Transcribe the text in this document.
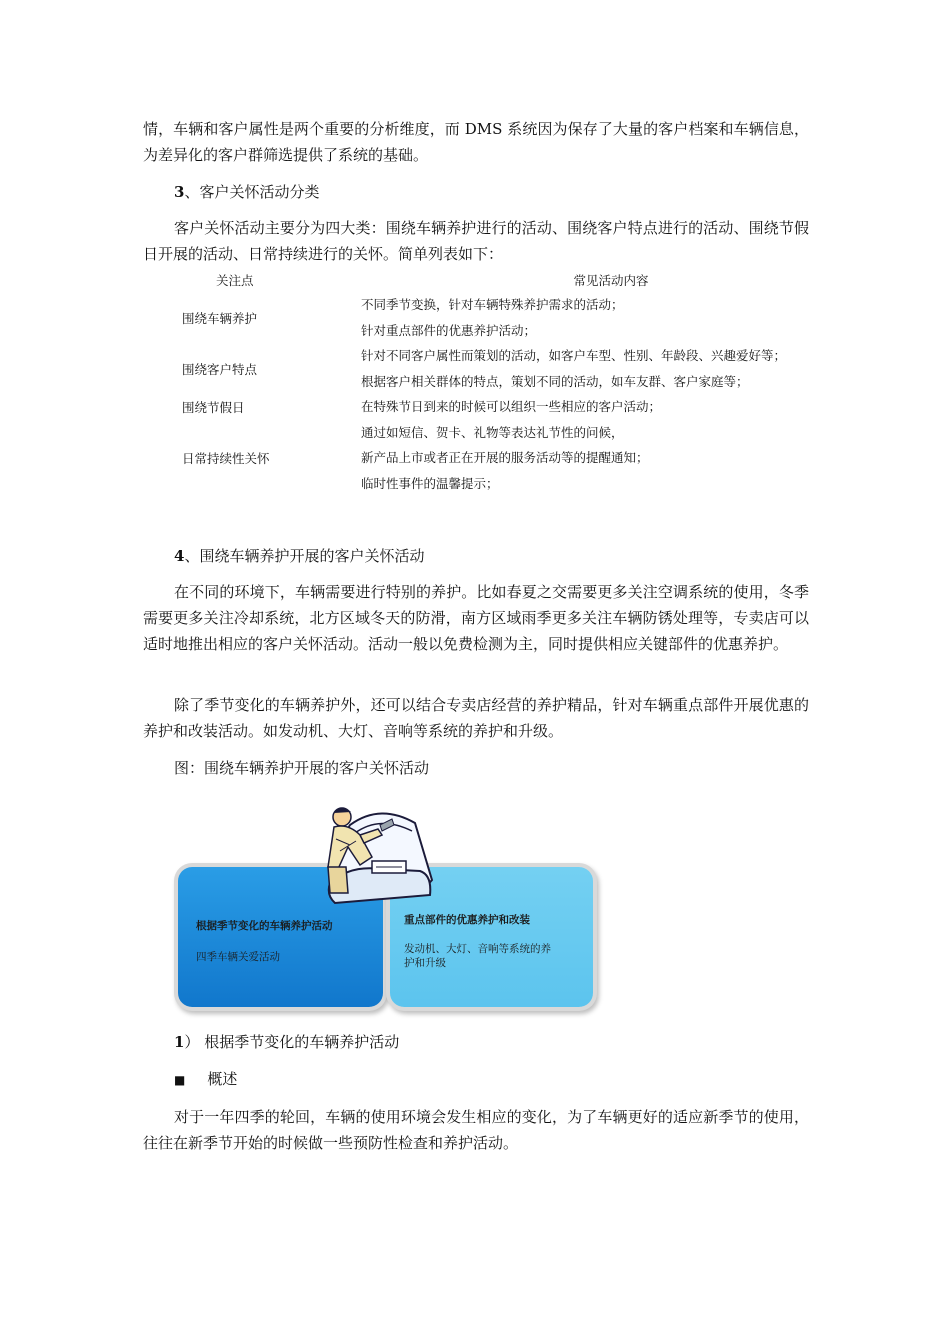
情，车辆和客户属性是两个重要的分析维度，而 DMS 系统因为保存了大量的客户档案和车辆信息，为差异化的客户群筛选提供了系统的基础。
3、客户关怀活动分类
客户关怀活动主要分为四大类：围绕车辆养护进行的活动、围绕客户特点进行的活动、围绕节假日开展的活动、日常持续进行的关怀。简单列表如下：
关注点	常见活动内容
围绕车辆养护	不同季节变换，针对车辆特殊养护需求的活动；
针对重点部件的优惠养护活动；

围绕客户特点	针对不同客户属性而策划的活动，如客户车型、性别、年龄段、兴趣爱好等；
根据客户相关群体的特点，策划不同的活动，如车友群、客户家庭等；

围绕节假日	在特殊节日到来的时候可以组织一些相应的客户活动；

日常持续性关怀	通过如短信、贺卡、礼物等表达礼节性的问候，
新产品上市或者正在开展的服务活动等的提醒通知；
临时性事件的温馨提示；
4、围绕车辆养护开展的客户关怀活动
在不同的环境下，车辆需要进行特别的养护。比如春夏之交需要更多关注空调系统的使用，冬季需要更多关注冷却系统，北方区域冬天的防滑，南方区域雨季更多关注车辆防锈处理等，专卖店可以适时地推出相应的客户关怀活动。活动一般以免费检测为主，同时提供相应关键部件的优惠养护。
除了季节变化的车辆养护外，还可以结合专卖店经营的养护精品，针对车辆重点部件开展优惠的养护和改装活动。如发动机、大灯、音响等系统的养护和升级。
图：围绕车辆养护开展的客户关怀活动
根据季节变化的车辆养护活动
四季车辆关爱活动
重点部件的优惠养护和改装
发动机、大灯、音响等系统的养
护和升级
1） 根据季节变化的车辆养护活动
■ 概述
对于一年四季的轮回，车辆的使用环境会发生相应的变化，为了车辆更好的适应新季节的使用，往往在新季节开始的时候做一些预防性检查和养护活动。
